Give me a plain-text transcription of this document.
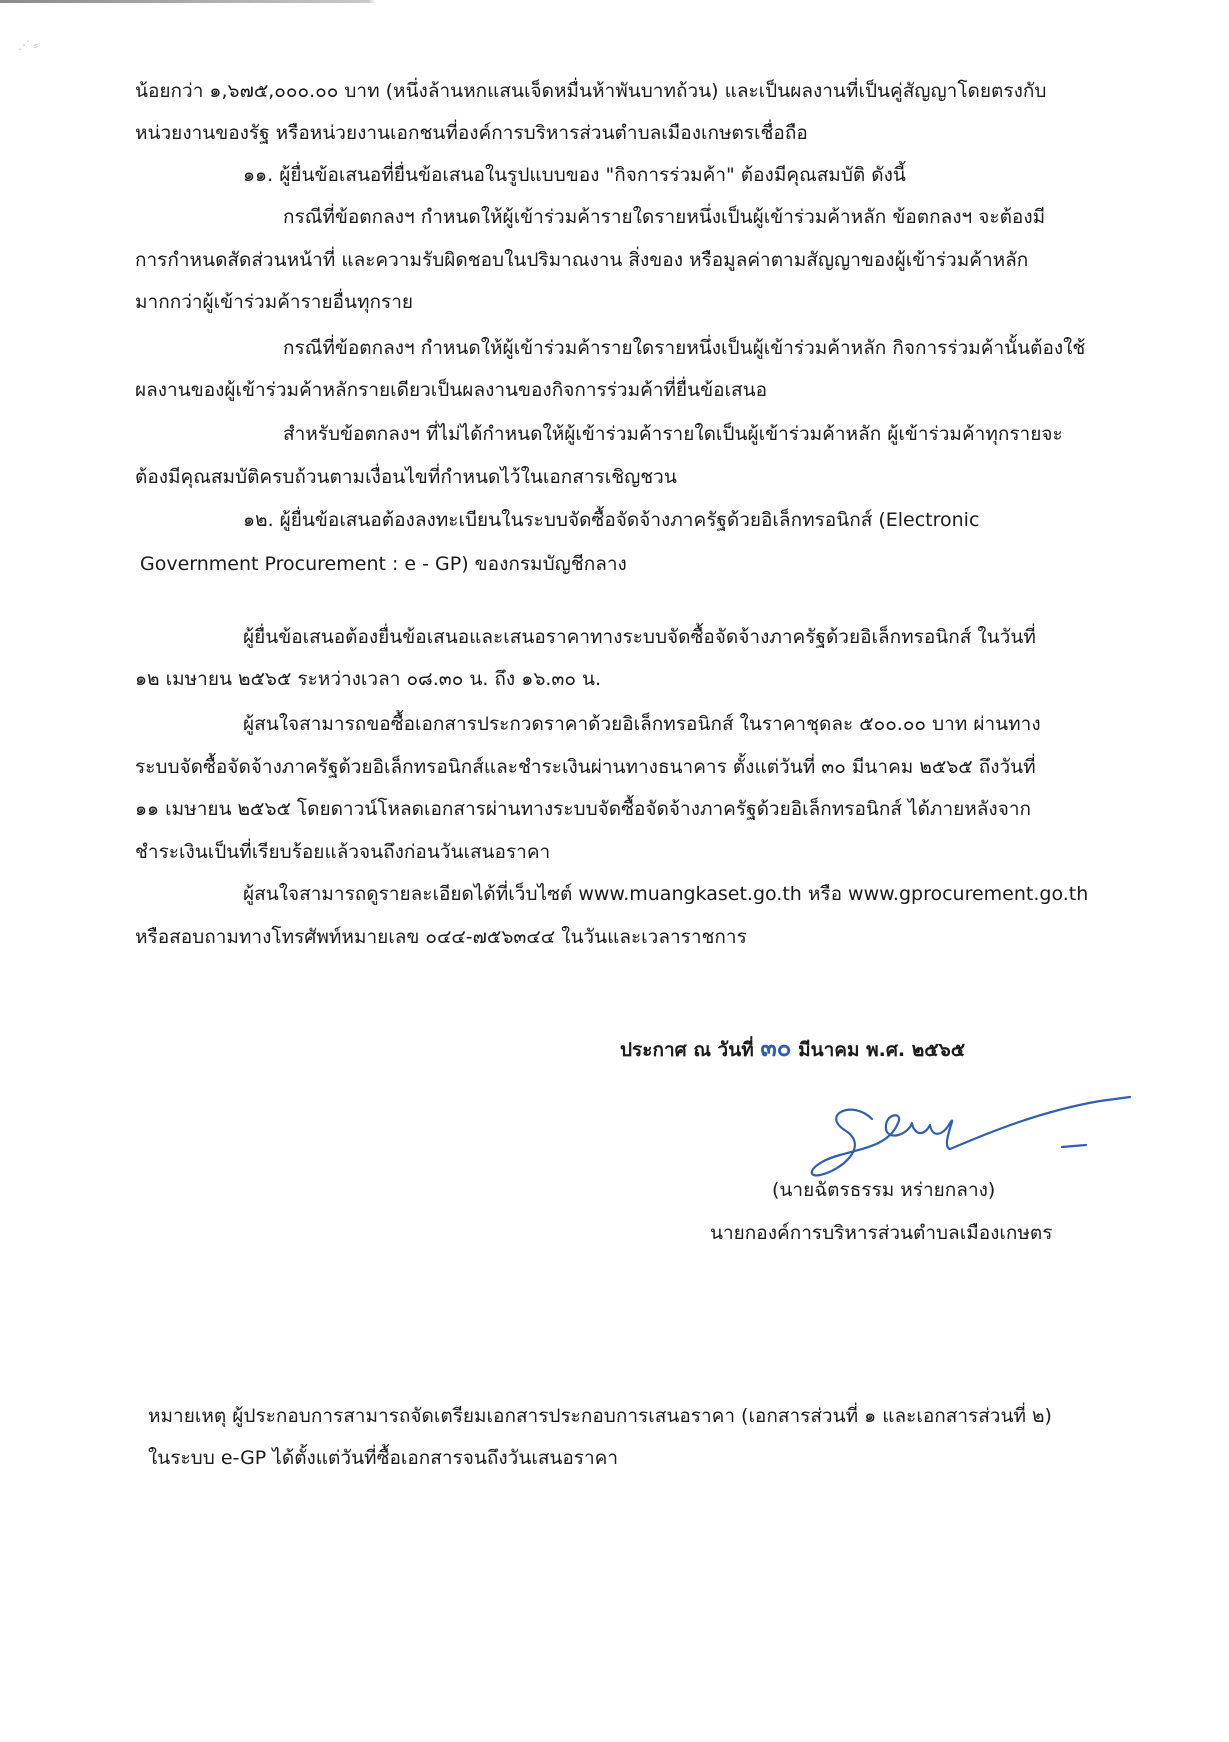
⋰ ⸗
น้อยกว่า ๑,๖๗๕,๐๐๐.๐๐ บาท (หนึ่งล้านหกแสนเจ็ดหมื่นห้าพันบาทถ้วน) และเป็นผลงานที่เป็นคู่สัญญาโดยตรงกับ
หน่วยงานของรัฐ หรือหน่วยงานเอกชนที่องค์การบริหารส่วนตำบลเมืองเกษตรเชื่อถือ
๑๑. ผู้ยื่นข้อเสนอที่ยื่นข้อเสนอในรูปแบบของ "กิจการร่วมค้า" ต้องมีคุณสมบัติ ดังนี้
กรณีที่ข้อตกลงฯ กำหนดให้ผู้เข้าร่วมค้ารายใดรายหนึ่งเป็นผู้เข้าร่วมค้าหลัก ข้อตกลงฯ จะต้องมี
การกำหนดสัดส่วนหน้าที่ และความรับผิดชอบในปริมาณงาน สิ่งของ หรือมูลค่าตามสัญญาของผู้เข้าร่วมค้าหลัก
มากกว่าผู้เข้าร่วมค้ารายอื่นทุกราย
กรณีที่ข้อตกลงฯ กำหนดให้ผู้เข้าร่วมค้ารายใดรายหนึ่งเป็นผู้เข้าร่วมค้าหลัก กิจการร่วมค้านั้นต้องใช้
ผลงานของผู้เข้าร่วมค้าหลักรายเดียวเป็นผลงานของกิจการร่วมค้าที่ยื่นข้อเสนอ
สำหรับข้อตกลงฯ ที่ไม่ได้กำหนดให้ผู้เข้าร่วมค้ารายใดเป็นผู้เข้าร่วมค้าหลัก ผู้เข้าร่วมค้าทุกรายจะ
ต้องมีคุณสมบัติครบถ้วนตามเงื่อนไขที่กำหนดไว้ในเอกสารเชิญชวน
๑๒. ผู้ยื่นข้อเสนอต้องลงทะเบียนในระบบจัดซื้อจัดจ้างภาครัฐด้วยอิเล็กทรอนิกส์ (Electronic
Government Procurement : e - GP) ของกรมบัญชีกลาง
ผู้ยื่นข้อเสนอต้องยื่นข้อเสนอและเสนอราคาทางระบบจัดซื้อจัดจ้างภาครัฐด้วยอิเล็กทรอนิกส์ ในวันที่
๑๒ เมษายน ๒๕๖๕ ระหว่างเวลา ๐๘.๓๐ น. ถึง ๑๖.๓๐ น.
ผู้สนใจสามารถขอซื้อเอกสารประกวดราคาด้วยอิเล็กทรอนิกส์ ในราคาชุดละ ๕๐๐.๐๐ บาท ผ่านทาง
ระบบจัดซื้อจัดจ้างภาครัฐด้วยอิเล็กทรอนิกส์และชำระเงินผ่านทางธนาคาร ตั้งแต่วันที่ ๓๐ มีนาคม ๒๕๖๕ ถึงวันที่
๑๑ เมษายน ๒๕๖๕ โดยดาวน์โหลดเอกสารผ่านทางระบบจัดซื้อจัดจ้างภาครัฐด้วยอิเล็กทรอนิกส์ ได้ภายหลังจาก
ชำระเงินเป็นที่เรียบร้อยแล้วจนถึงก่อนวันเสนอราคา
ผู้สนใจสามารถดูรายละเอียดได้ที่เว็บไซต์ www.muangkaset.go.th หรือ www.gprocurement.go.th
หรือสอบถามทางโทรศัพท์หมายเลข ๐๔๔-๗๕๖๓๔๔ ในวันและเวลาราชการ
ประกาศ ณ วันที่ ๓๐ มีนาคม พ.ศ. ๒๕๖๕
(นายฉัตรธรรม หร่ายกลาง)
นายกองค์การบริหารส่วนตำบลเมืองเกษตร
หมายเหตุ ผู้ประกอบการสามารถจัดเตรียมเอกสารประกอบการเสนอราคา (เอกสารส่วนที่ ๑ และเอกสารส่วนที่ ๒)
ในระบบ e-GP ได้ตั้งแต่วันที่ซื้อเอกสารจนถึงวันเสนอราคา
